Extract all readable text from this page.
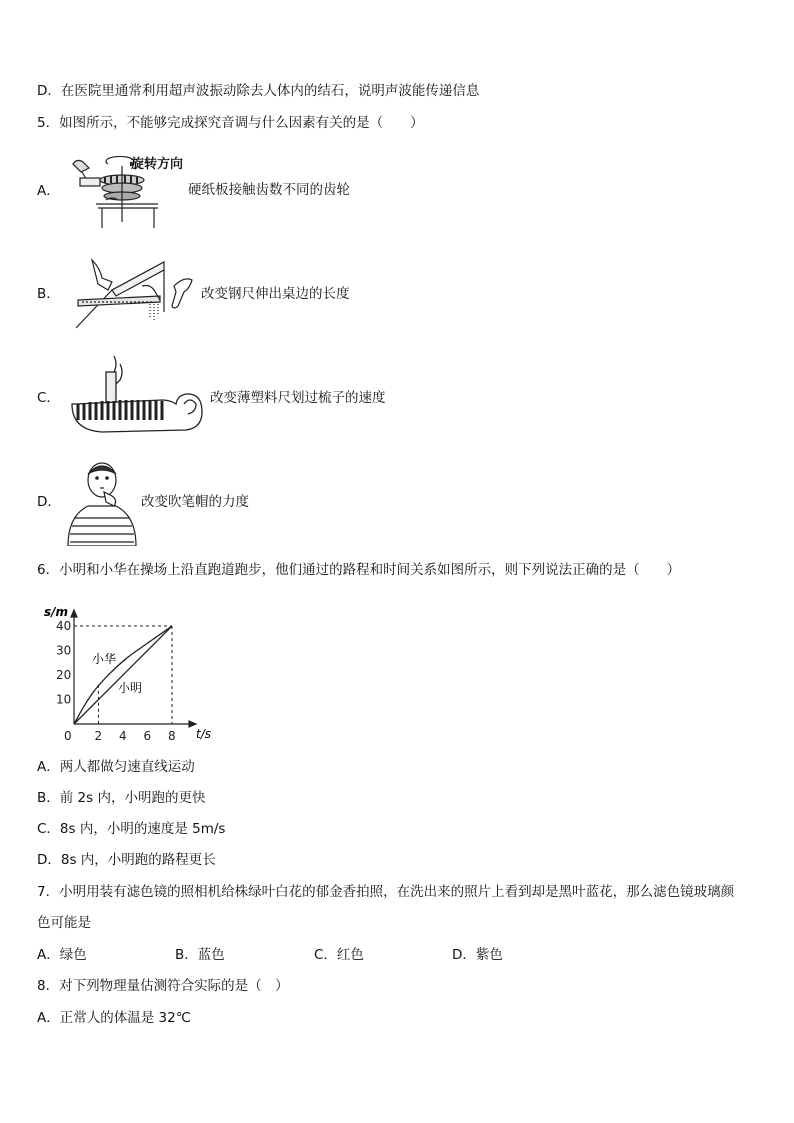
D．在医院里通常利用超声波振动除去人体内的结石，说明声波能传递信息
5．如图所示，不能够完成探究音调与什么因素有关的是（　　）
A．
旋转方向
硬纸板接触齿数不同的齿轮
B．	改变钢尺伸出桌边的长度
C．	改变薄塑料尺划过梳子的速度
D．	改变吹笔帽的力度
6．小明和小华在操场上沿直跑道跑步，他们通过的路程和时间关系如图所示，则下列说法正确的是（　　）
0 2 4 6 8
10
20
30
40
s/m
t/s
小华
小明
A．两人都做匀速直线运动
B．前 2s 内，小明跑的更快
C．8s 内，小明的速度是 5m/s
D．8s 内，小明跑的路程更长
7．小明用装有滤色镜的照相机给株绿叶白花的郁金香拍照，在洗出来的照片上看到却是黑叶蓝花，那么滤色镜玻璃颜
色可能是
A．绿色	B．蓝色	C．红色	D．紫色
8．对下列物理量估测符合实际的是（　）
A．正常人的体温是 32℃
